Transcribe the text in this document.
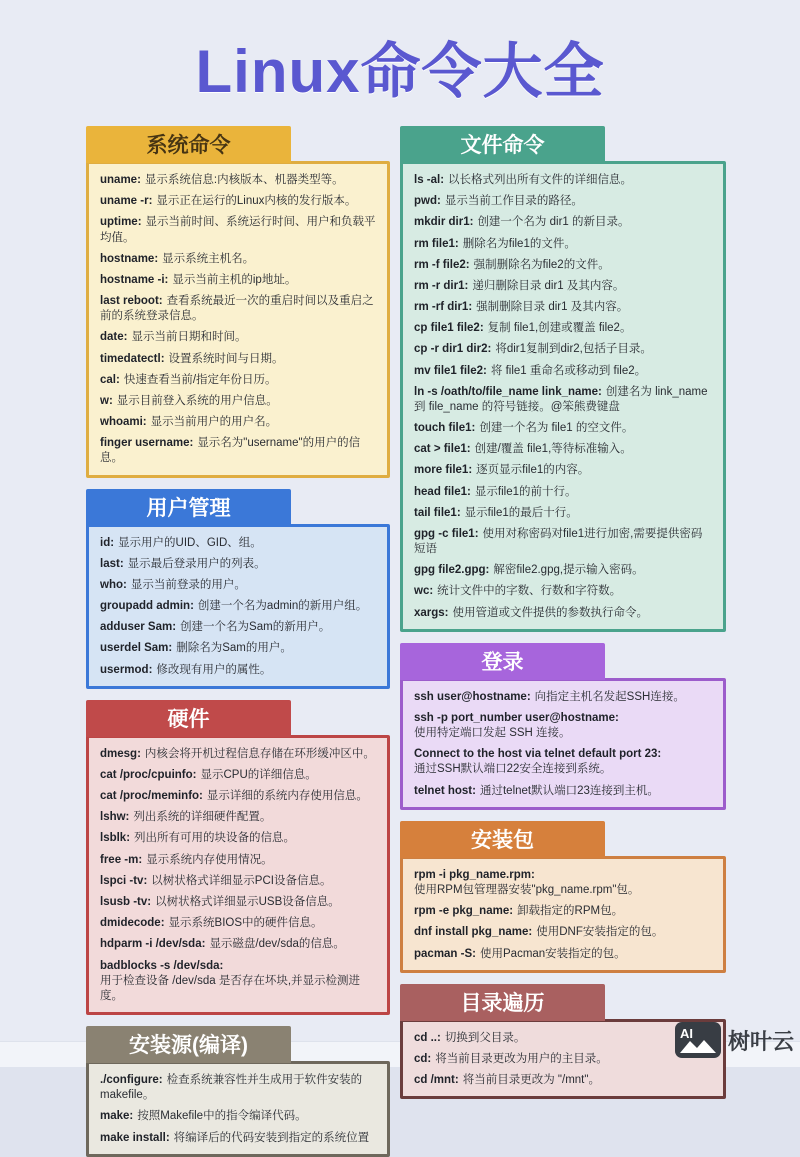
Linux命令大全
系统命令
uname: 显示系统信息:内核版本、机器类型等。
uname -r: 显示正在运行的Linux内核的发行版本。
uptime: 显示当前时间、系统运行时间、用户和负载平均值。
hostname: 显示系统主机名。
hostname -i: 显示当前主机的ip地址。
last reboot: 查看系统最近一次的重启时间以及重启之前的系统登录信息。
date: 显示当前日期和时间。
timedatectl: 设置系统时间与日期。
cal: 快速查看当前/指定年份日历。
w: 显示目前登入系统的用户信息。
whoami: 显示当前用户的用户名。
finger username: 显示名为"username"的用户的信息。
用户管理
id: 显示用户的UID、GID、组。
last: 显示最后登录用户的列表。
who: 显示当前登录的用户。
groupadd admin: 创建一个名为admin的新用户组。
adduser Sam: 创建一个名为Sam的新用户。
userdel Sam: 删除名为Sam的用户。
usermod: 修改现有用户的属性。
硬件
dmesg: 内核会将开机过程信息存储在环形缓冲区中。
cat /proc/cpuinfo: 显示CPU的详细信息。
cat /proc/meminfo: 显示详细的系统内存使用信息。
lshw: 列出系统的详细硬件配置。
lsblk: 列出所有可用的块设备的信息。
free -m: 显示系统内存使用情况。
lspci -tv: 以树状格式详细显示PCI设备信息。
lsusb -tv: 以树状格式详细显示USB设备信息。
dmidecode: 显示系统BIOS中的硬件信息。
hdparm -i /dev/sda: 显示磁盘/dev/sda的信息。
badblocks -s /dev/sda:
用于检查设备 /dev/sda 是否存在坏块,并显示检测进度。
安装源(编译)
./configure: 检查系统兼容性并生成用于软件安装的makefile。
make: 按照Makefile中的指令编译代码。
make install: 将编译后的代码安装到指定的系统位置
文件命令
ls -al: 以长格式列出所有文件的详细信息。
pwd: 显示当前工作目录的路径。
mkdir dir1: 创建一个名为 dir1 的新目录。
rm file1: 删除名为file1的文件。
rm -f file2: 强制删除名为file2的文件。
rm -r dir1: 递归删除目录 dir1 及其内容。
rm -rf dir1: 强制删除目录 dir1 及其内容。
cp file1 file2: 复制 file1,创建或覆盖 file2。
cp -r dir1 dir2: 将dir1复制到dir2,包括子目录。
mv file1 file2: 将 file1 重命名或移动到 file2。
ln -s /oath/to/file_name link_name: 创建名为 link_name 到 file_name 的符号链接。@笨熊费键盘
touch file1: 创建一个名为 file1 的空文件。
cat > file1: 创建/覆盖 file1,等待标准输入。
more file1: 逐页显示file1的内容。
head file1: 显示file1的前十行。
tail file1: 显示file1的最后十行。
gpg -c file1: 使用对称密码对file1进行加密,需要提供密码短语
gpg file2.gpg: 解密file2.gpg,提示输入密码。
wc: 统计文件中的字数、行数和字符数。
xargs: 使用管道或文件提供的参数执行命令。
登录
ssh user@hostname: 向指定主机名发起SSH连接。
ssh -p port_number user@hostname:
使用特定端口发起 SSH 连接。
Connect to the host via telnet default port 23:
通过SSH默认端口22安全连接到系统。
telnet host: 通过telnet默认端口23连接到主机。
安装包
rpm -i pkg_name.rpm:
使用RPM包管理器安装"pkg_name.rpm"包。
rpm -e pkg_name: 卸载指定的RPM包。
dnf install pkg_name: 使用DNF安装指定的包。
pacman -S: 使用Pacman安装指定的包。
目录遍历
cd ..: 切换到父目录。
cd: 将当前目录更改为用户的主目录。
cd /mnt: 将当前目录更改为 "/mnt"。
AI 树叶云
